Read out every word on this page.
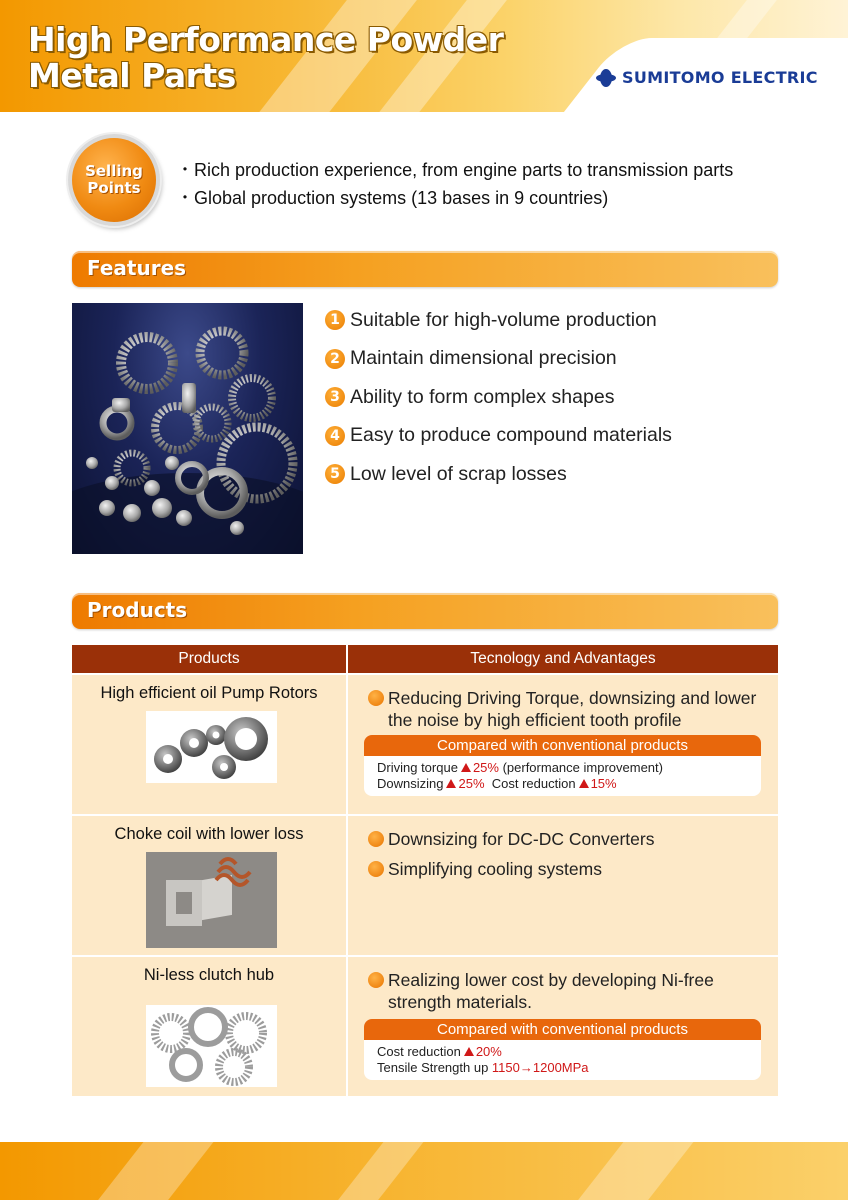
High Performance Powder
Metal Parts	SUMITOMO ELECTRIC
Selling
Points
・Rich production experience, from engine parts to transmission parts
・Global production systems (13 bases in 9 countries)
Features
1 Suitable for high-volume production
2 Maintain dimensional precision
3 Ability to form complex shapes
4 Easy to produce compound materials
5 Low level of scrap losses
Products
Products	Tecnology and Advantages
High efficient oil Pump Rotors	Reducing Driving Torque, downsizing and lower the noise by high efficient tooth profile
Compared with conventional products
Driving torque 25% (performance improvement)
Downsizing 25% Cost reduction 15%
Choke coil with lower loss	Downsizing for DC-DC Converters
Simplifying cooling systems
Ni-less clutch hub	Realizing lower cost by developing Ni-free strength materials.
Compared with conventional products
Cost reduction 20%
Tensile Strength up 1150→1200MPa
